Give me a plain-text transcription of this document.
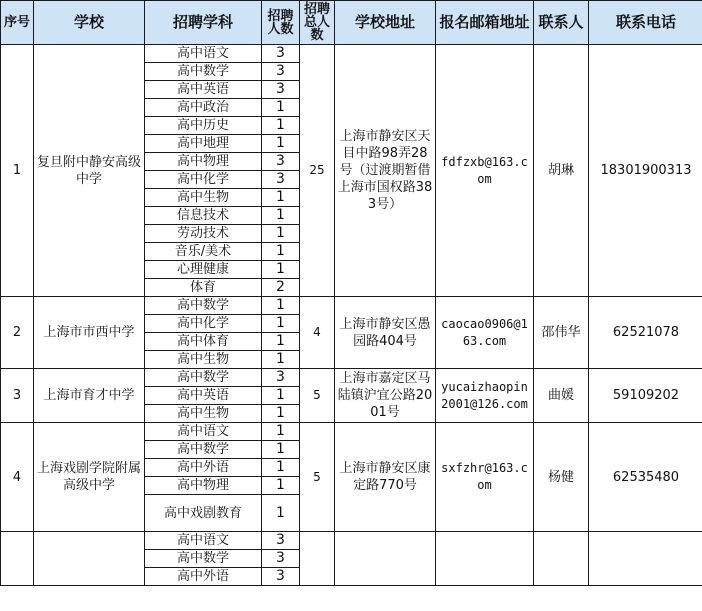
序号	学校	招聘学科	招聘人数	招聘总人数	学校地址	报名邮箱地址	联系人	联系电话
1	复旦附中静安高级中学	高中语文	3	25	上海市静安区天目中路98弄28号（过渡期暂借上海市国权路383号）	fdfzxb@163.com	胡琳	18301900313
		高中数学	3					
		高中英语	3					
		高中政治	1					
		高中历史	1					
		高中地理	1					
		高中物理	3					
		高中化学	3					
		高中生物	1					
		信息技术	1					
		劳动技术	1					
		音乐/美术	1					
		心理健康	1					
		体育	2					
2	上海市市西中学	高中数学	1	4	上海市静安区愚园路404号	caocao0906@163.com	邵伟华	62521078
		高中化学	1					
		高中体育	1					
		高中生物	1					
3	上海市育才中学	高中数学	3	5	上海市嘉定区马陆镇沪宜公路2001号	yucaizhaopin2001@126.com	曲媛	59109202
		高中英语	1					
		高中生物	1					
4	上海戏剧学院附属高级中学	高中语文	1	5	上海市静安区康定路770号	sxfzhr@163.com	杨健	62535480
		高中数学	1					
		高中外语	1					
		高中物理	1					
		高中戏剧教育	1					
		高中语文	3					
		高中数学	3					
		高中外语	3					
